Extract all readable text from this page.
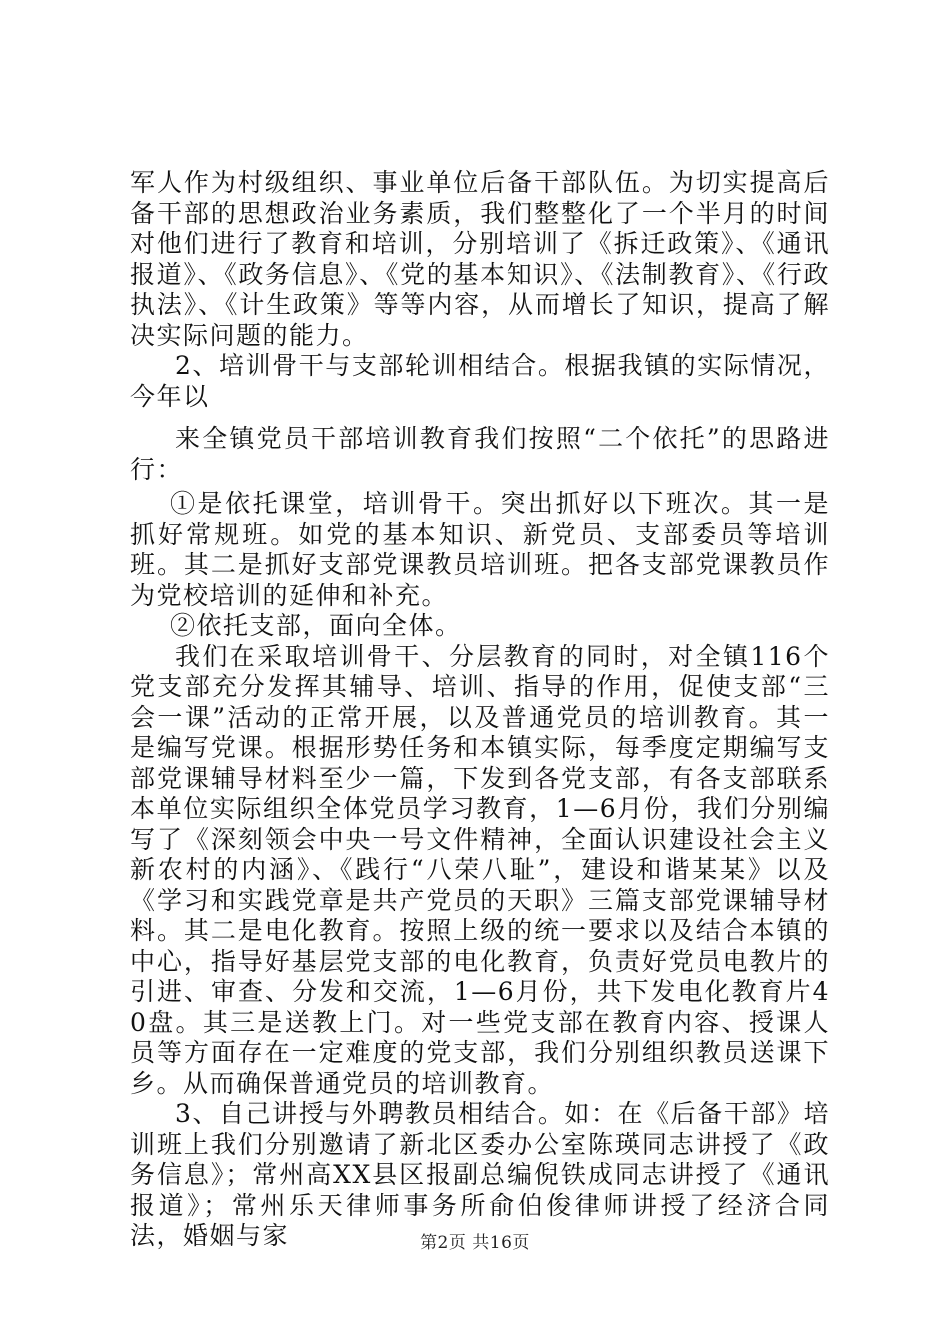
军人作为村级组织、事业单位后备干部队伍。为切实提高后备干部的思想政治业务素质，我们整整化了一个半月的时间对他们进行了教育和培训，分别培训了《拆迁政策》、《通讯报道》、《政务信息》、《党的基本知识》、《法制教育》、《行政执法》、《计生政策》等等内容，从而增长了知识，提高了解决实际问题的能力。

2、培训骨干与支部轮训相结合。根据我镇的实际情况，今年以

来全镇党员干部培训教育我们按照“二个依托”的思路进行：

①是依托课堂，培训骨干。突出抓好以下班次。其一是抓好常规班。如党的基本知识、新党员、支部委员等培训班。其二是抓好支部党课教员培训班。把各支部党课教员作为党校培训的延伸和补充。

②依托支部，面向全体。

我们在采取培训骨干、分层教育的同时，对全镇116个党支部充分发挥其辅导、培训、指导的作用，促使支部“三会一课”活动的正常开展，以及普通党员的培训教育。其一是编写党课。根据形势任务和本镇实际，每季度定期编写支部党课辅导材料至少一篇，下发到各党支部，有各支部联系本单位实际组织全体党员学习教育，1—6月份，我们分别编写了《深刻领会中央一号文件精神，全面认识建设社会主义新农村的内涵》、《践行“八荣八耻”，建设和谐某某》以及《学习和实践党章是共产党员的天职》三篇支部党课辅导材料。其二是电化教育。按照上级的统一要求以及结合本镇的中心，指导好基层党支部的电化教育，负责好党员电教片的引进、审查、分发和交流，1—6月份，共下发电化教育片40盘。其三是送教上门。对一些党支部在教育内容、授课人员等方面存在一定难度的党支部，我们分别组织教员送课下乡。从而确保普通党员的培训教育。

3、自己讲授与外聘教员相结合。如：在《后备干部》培训班上我们分别邀请了新北区委办公室陈瑛同志讲授了《政务信息》；常州高XX县区报副总编倪铁成同志讲授了《通讯报道》；常州乐天律师事务所俞伯俊律师讲授了经济合同法，婚姻与家	第2页 共16页
